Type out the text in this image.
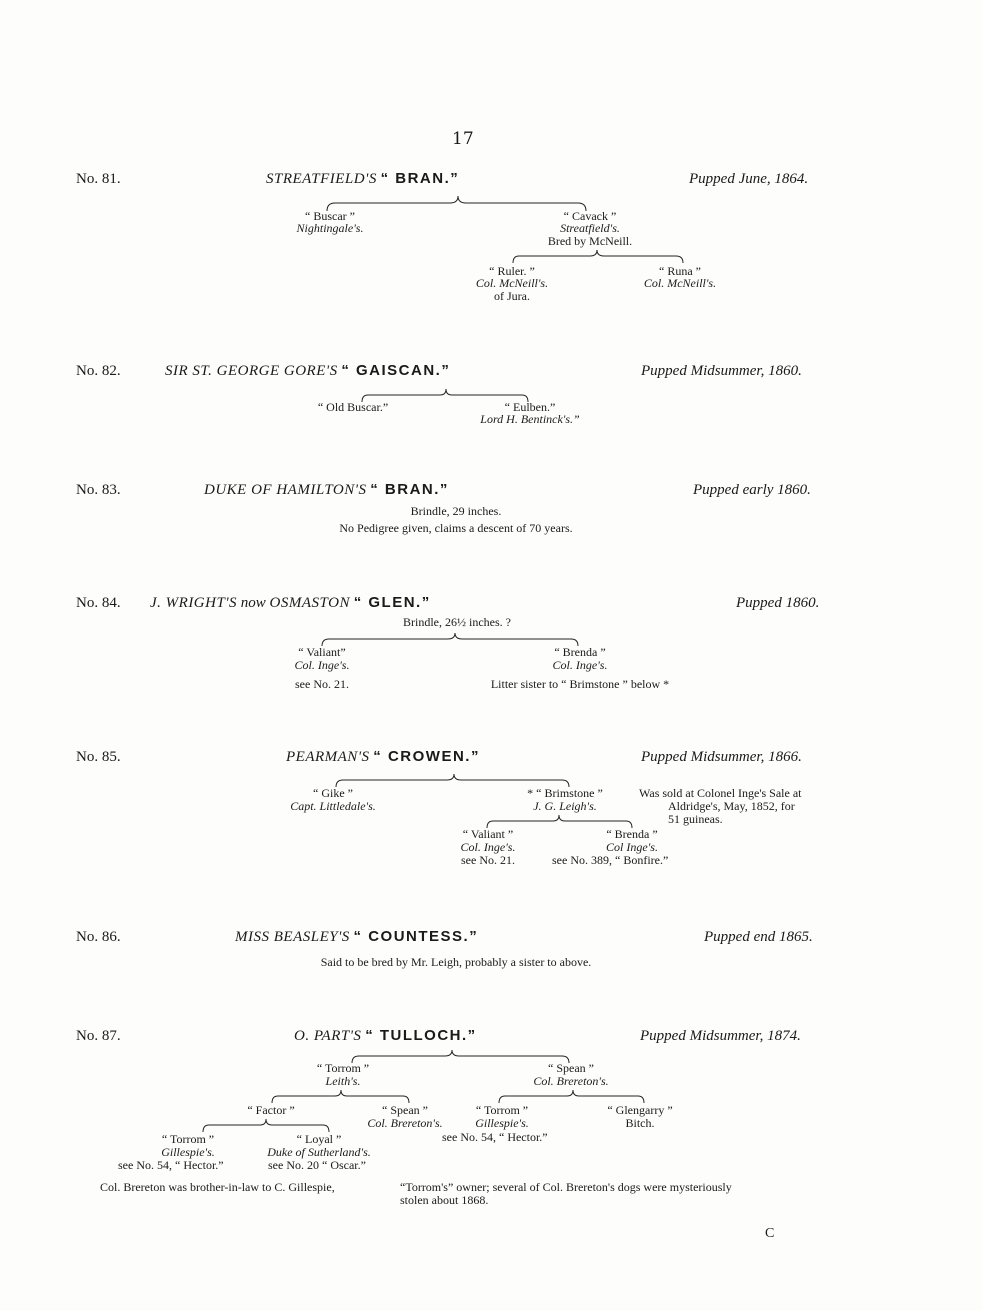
17
No. 81.	STREATFIELD'S “ BRAN.”	Pupped June, 1864.
“ Buscar ”
Nightingale's.
“ Cavack ”
Streatfield's.
Bred by McNeill.
“ Ruler. ”
Col. McNeill's.
of Jura.
“ Runa ”
Col. McNeill's.
No. 82.	SIR ST. GEORGE GORE'S “ GAISCAN.”	Pupped Midsummer, 1860.
“ Old Buscar.”	“ Eulben.”
Lord H. Bentinck's.”
No. 83.	DUKE OF HAMILTON'S “ BRAN.”	Pupped early 1860.
Brindle, 29 inches.
No Pedigree given, claims a descent of 70 years.
No. 84. J. WRIGHT'S now OSMASTON “ GLEN.”	Pupped 1860.
Brindle, 26½ inches. ?
“ Valiant”
Col. Inge's.
see No. 21.
“ Brenda ”
Col. Inge's.
Litter sister to “ Brimstone ” below *
No. 85.	PEARMAN'S “ CROWEN.”	Pupped Midsummer, 1866.
“ Gike ”
Capt. Littledale's.
* “ Brimstone ”
J. G. Leigh's.
Was sold at Colonel Inge's Sale at
Aldridge's, May, 1852, for
51 guineas.
“ Valiant ”
Col. Inge's.
see No. 21.
“ Brenda ”
Col Inge's.
see No. 389, “ Bonfire.”
No. 86.	MISS BEASLEY'S “ COUNTESS.”	Pupped end 1865.
Said to be bred by Mr. Leigh, probably a sister to above.
No. 87.	O. PART'S “ TULLOCH.”	Pupped Midsummer, 1874.
“ Torrom ”
Leith's.
“ Spean ”
Col. Brereton's.
“ Factor ”	“ Spean ”
Col. Brereton's.
“ Torrom ”
Gillespie's.
see No. 54, “ Hector.”
“ Glengarry ”
Bitch.
“ Torrom ”
Gillespie's.
see No. 54, “ Hector.”
“ Loyal ”
Duke of Sutherland's.
see No. 20 “ Oscar.”
Col. Brereton was brother-in-law to C. Gillespie,	“Torrom's” owner; several of Col. Brereton's dogs were mysteriously
stolen about 1868.
C
